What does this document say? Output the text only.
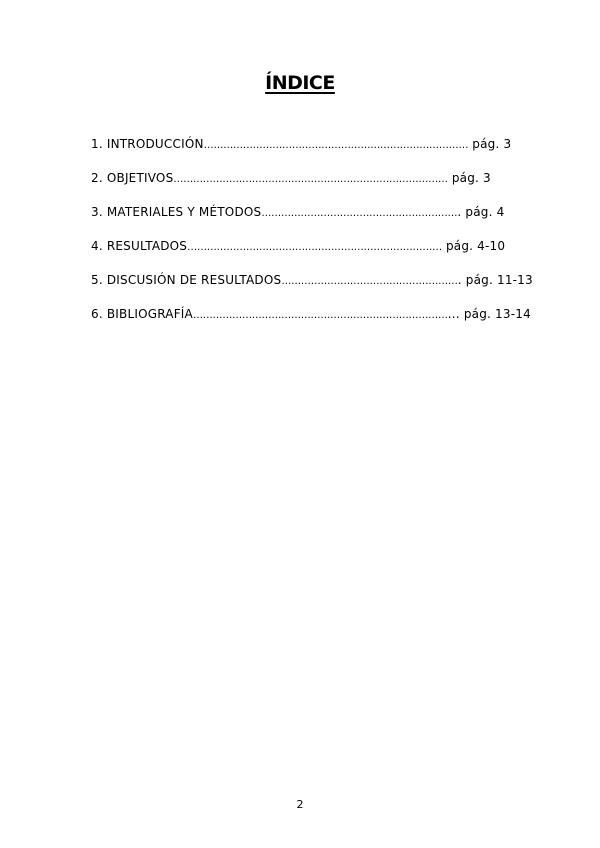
ÍNDICE
1. INTRODUCCIÓN……………………………………………………………………… pág. 3
2. OBJETIVOS………………………………………………………………………… pág. 3
3. MATERIALES Y MÉTODOS……………………………………………………. pág. 4
4. RESULTADOS…………………………………………………………………… pág. 4-10
5. DISCUSIÓN DE RESULTADOS………………………………………………. pág. 11-13
6. BIBLIOGRAFÍA……………………………………………………………………... pág. 13-14
2
